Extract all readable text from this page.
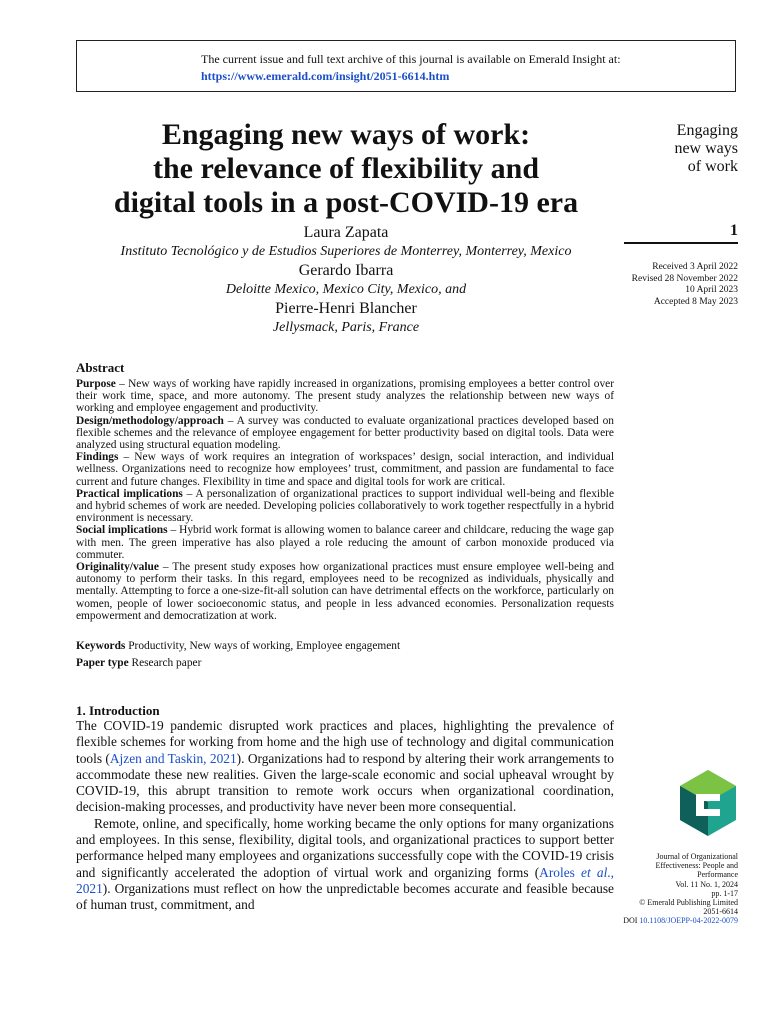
The current issue and full text archive of this journal is available on Emerald Insight at:
https://www.emerald.com/insight/2051-6614.htm
Engaging new ways of work:
the relevance of flexibility and
digital tools in a post-COVID-19 era
Laura Zapata
Instituto Tecnológico y de Estudios Superiores de Monterrey, Monterrey, Mexico
Gerardo Ibarra
Deloitte Mexico, Mexico City, Mexico, and
Pierre-Henri Blancher
Jellysmack, Paris, France
Engaging
new ways
of work
1
Received 3 April 2022
Revised 28 November 2022
10 April 2023
Accepted 8 May 2023
Abstract

Purpose – New ways of working have rapidly increased in organizations, promising employees a better control over their work time, space, and more autonomy. The present study analyzes the relationship between new ways of working and employee engagement and productivity.

Design/methodology/approach – A survey was conducted to evaluate organizational practices developed based on flexible schemes and the relevance of employee engagement for better productivity based on digital tools. Data were analyzed using structural equation modeling.

Findings – New ways of work requires an integration of workspaces’ design, social interaction, and individual wellness. Organizations need to recognize how employees’ trust, commitment, and passion are fundamental to face current and future changes. Flexibility in time and space and digital tools for work are critical.

Practical implications – A personalization of organizational practices to support individual well-being and flexible and hybrid schemes of work are needed. Developing policies collaboratively to work together respectfully in a hybrid environment is necessary.

Social implications – Hybrid work format is allowing women to balance career and childcare, reducing the wage gap with men. The green imperative has also played a role reducing the amount of carbon monoxide produced via commuter.

Originality/value – The present study exposes how organizational practices must ensure employee well-being and autonomy to perform their tasks. In this regard, employees need to be recognized as individuals, physically and mentally. Attempting to force a one-size-fit-all solution can have detrimental effects on the workforce, particularly on women, people of lower socioeconomic status, and people in less advanced economies. Personalization requests empowerment and democratization at work.

Keywords Productivity, New ways of working, Employee engagement
Paper type Research paper
1. Introduction

The COVID-19 pandemic disrupted work practices and places, highlighting the prevalence of flexible schemes for working from home and the high use of technology and digital communication tools (Ajzen and Taskin, 2021). Organizations had to respond by altering their work arrangements to accommodate these new realities. Given the large-scale economic and social upheaval wrought by COVID-19, this abrupt transition to remote work occurs when organizational coordination, decision-making processes, and productivity have never been more consequential.

Remote, online, and specifically, home working became the only options for many organizations and employees. In this sense, flexibility, digital tools, and organizational practices to support better performance helped many employees and organizations successfully cope with the COVID-19 crisis and significantly accelerated the adoption of virtual work and organizing forms (Aroles et al., 2021). Organizations must reflect on how the unpredictable becomes accurate and feasible because of human trust, commitment, and

Journal of Organizational
Effectiveness: People and
Performance
Vol. 11 No. 1, 2024
pp. 1-17
© Emerald Publishing Limited
2051-6614
DOI 10.1108/JOEPP-04-2022-0079
